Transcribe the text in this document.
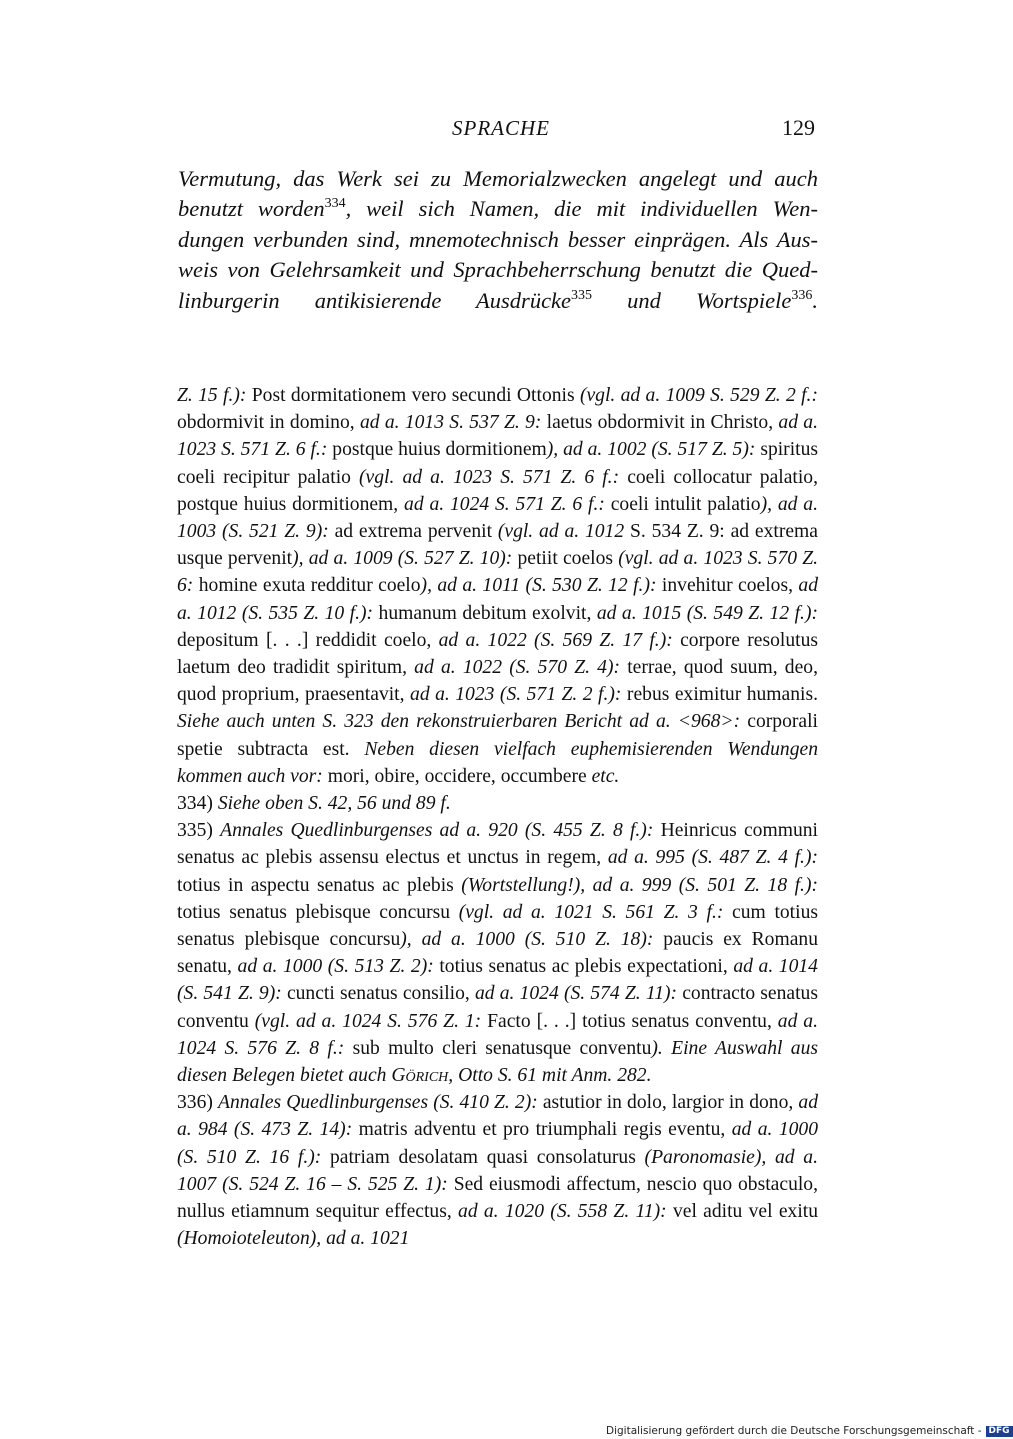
SPRACHE	129
Vermutung, das Werk sei zu Memorialzwecken angelegt und auch
benutzt worden$^{334}$, weil sich Namen, die mit individuellen Wen-
dungen verbunden sind, mnemotechnisch besser einprägen. Als Aus-
weis von Gelehrsamkeit und Sprachbeherrschung benutzt die Qued-
linburgerin antikisierende Ausdrücke$^{335}$ und Wortspiele$^{336}$.

Z. 15 f.): Post dormitationem vero secundi Ottonis (vgl. ad a. 1009 S. 529 Z. 2 f.: obdormivit in domino, ad a. 1013 S. 537 Z. 9: laetus obdormivit in Christo, ad a. 1023 S. 571 Z. 6 f.: postque huius dormitionem), ad a. 1002 (S. 517 Z. 5): spiritus coeli recipitur palatio (vgl. ad a. 1023 S. 571 Z. 6 f.: coeli collocatur palatio, postque huius dormitionem, ad a. 1024 S. 571 Z. 6 f.: coeli intulit palatio), ad a. 1003 (S. 521 Z. 9): ad extrema pervenit (vgl. ad a. 1012 S. 534 Z. 9: ad extrema usque pervenit), ad a. 1009 (S. 527 Z. 10): petiit coelos (vgl. ad a. 1023 S. 570 Z. 6: homine exuta redditur coelo), ad a. 1011 (S. 530 Z. 12 f.): invehitur coelos, ad a. 1012 (S. 535 Z. 10 f.): humanum debitum exolvit, ad a. 1015 (S. 549 Z. 12 f.): depositum [. . .] reddidit coelo, ad a. 1022 (S. 569 Z. 17 f.): corpore resolutus laetum deo tradidit spiritum, ad a. 1022 (S. 570 Z. 4): terrae, quod suum, deo, quod proprium, praesentavit, ad a. 1023 (S. 571 Z. 2 f.): rebus eximitur humanis. Siehe auch unten S. 323 den rekonstruierbaren Bericht ad a. <968>: corporali spetie subtracta est. Neben diesen vielfach euphemisierenden Wendungen kommen auch vor: mori, obire, occidere, occumbere etc.

334) Siehe oben S. 42, 56 und 89 f.

335) Annales Quedlinburgenses ad a. 920 (S. 455 Z. 8 f.): Heinricus communi senatus ac plebis assensu electus et unctus in regem, ad a. 995 (S. 487 Z. 4 f.): totius in aspectu senatus ac plebis (Wortstellung!), ad a. 999 (S. 501 Z. 18 f.): totius senatus plebisque concursu (vgl. ad a. 1021 S. 561 Z. 3 f.: cum totius senatus plebisque concursu), ad a. 1000 (S. 510 Z. 18): paucis ex Romanu senatu, ad a. 1000 (S. 513 Z. 2): totius senatus ac plebis expectationi, ad a. 1014 (S. 541 Z. 9): cuncti senatus consilio, ad a. 1024 (S. 574 Z. 11): contracto senatus conventu (vgl. ad a. 1024 S. 576 Z. 1: Facto [. . .] totius senatus conventu, ad a. 1024 S. 576 Z. 8 f.: sub multo cleri senatusque conventu). Eine Auswahl aus diesen Belegen bietet auch Görich, Otto S. 61 mit Anm. 282.

336) Annales Quedlinburgenses (S. 410 Z. 2): astutior in dolo, largior in dono, ad a. 984 (S. 473 Z. 14): matris adventu et pro triumphali regis eventu, ad a. 1000 (S. 510 Z. 16 f.): patriam desolatam quasi consolaturus (Paronomasie), ad a. 1007 (S. 524 Z. 16 – S. 525 Z. 1): Sed eiusmodi affectum, nescio quo obstaculo, nullus etiamnum sequitur effectus, ad a. 1020 (S. 558 Z. 11): vel aditu vel exitu (Homoioteleuton), ad a. 1021

Digitalisierung gefördert durch die Deutsche Forschungsgemeinschaft - DFG
